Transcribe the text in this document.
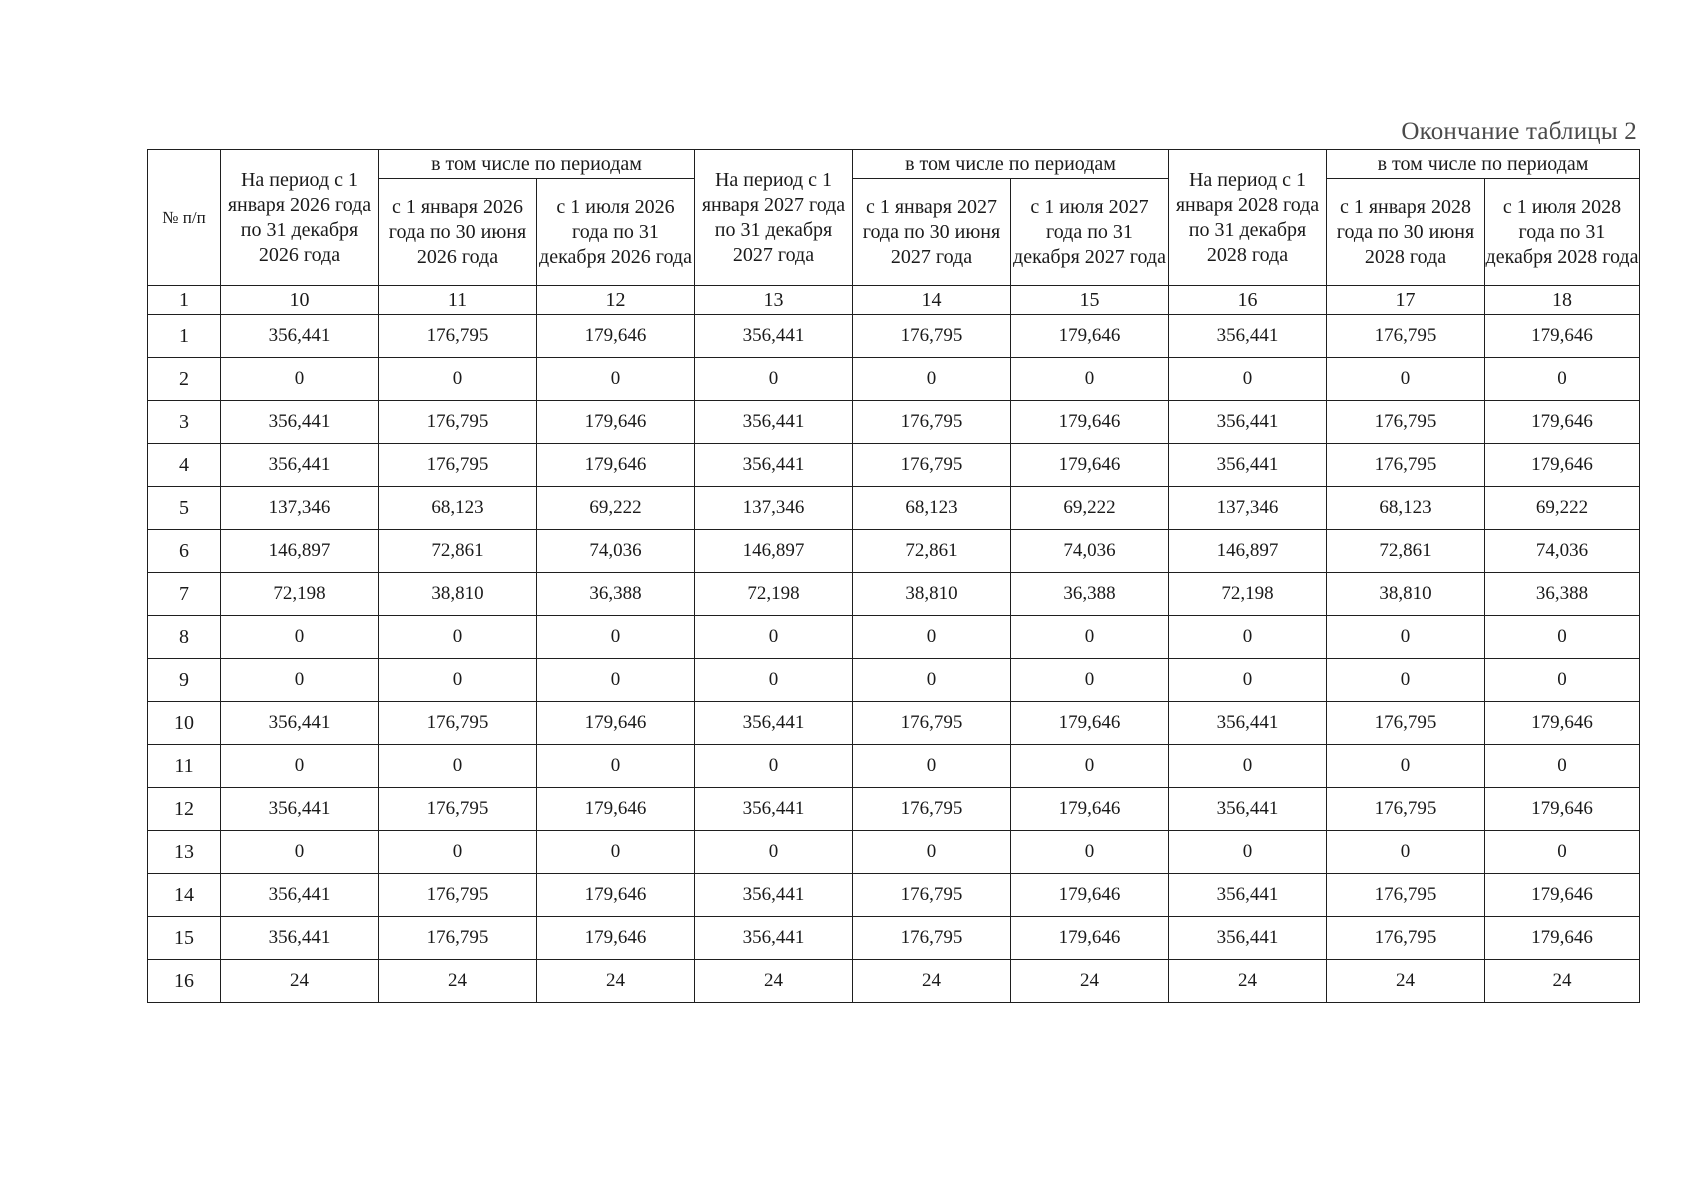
Окончание таблицы 2
№ п/п	На период с 1 января 2026 года по 31 декабря 2026 года	в том числе по периодам		На период с 1 января 2027 года по 31 декабря 2027 года	в том числе по периодам		На период с 1 января 2028 года по 31 декабря 2028 года	в том числе по периодам	
		с 1 января 2026 года по 30 июня 2026 года	с 1 июля 2026 года по 31 декабря 2026 года		с 1 января 2027 года по 30 июня 2027 года	с 1 июля 2027 года по 31 декабря 2027 года		с 1 января 2028 года по 30 июня 2028 года	с 1 июля 2028 года по 31 декабря 2028 года
1	10	11	12	13	14	15	16	17	18
1	356,441	176,795	179,646	356,441	176,795	179,646	356,441	176,795	179,646
2	0	0	0	0	0	0	0	0	0
3	356,441	176,795	179,646	356,441	176,795	179,646	356,441	176,795	179,646
4	356,441	176,795	179,646	356,441	176,795	179,646	356,441	176,795	179,646
5	137,346	68,123	69,222	137,346	68,123	69,222	137,346	68,123	69,222
6	146,897	72,861	74,036	146,897	72,861	74,036	146,897	72,861	74,036
7	72,198	38,810	36,388	72,198	38,810	36,388	72,198	38,810	36,388
8	0	0	0	0	0	0	0	0	0
9	0	0	0	0	0	0	0	0	0
10	356,441	176,795	179,646	356,441	176,795	179,646	356,441	176,795	179,646
11	0	0	0	0	0	0	0	0	0
12	356,441	176,795	179,646	356,441	176,795	179,646	356,441	176,795	179,646
13	0	0	0	0	0	0	0	0	0
14	356,441	176,795	179,646	356,441	176,795	179,646	356,441	176,795	179,646
15	356,441	176,795	179,646	356,441	176,795	179,646	356,441	176,795	179,646
16	24	24	24	24	24	24	24	24	24
